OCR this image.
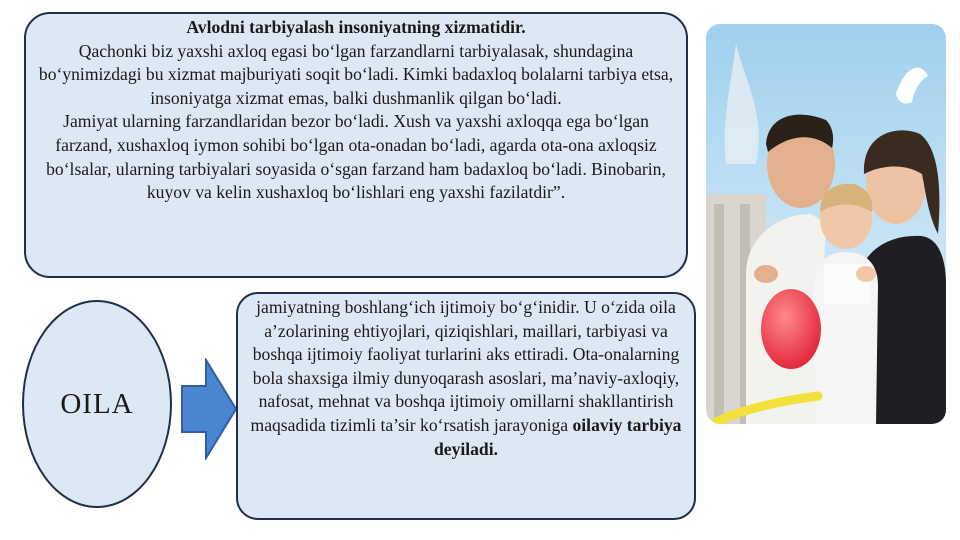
Avlodni tarbiyalash insoniyatning xizmatidir.

Qachonki biz yaxshi axloq egasi bo‘lgan farzandlarni tarbiyalasak, shundagina bo‘ynimizdagi bu xizmat majburiyati soqit bo‘ladi. Kimki badaxloq bolalarni tarbiya etsa, insoniyatga xizmat emas, balki dushmanlik qilgan bo‘ladi.

Jamiyat ularning farzandlaridan bezor bo‘ladi. Xush va yaxshi axloqqa ega bo‘lgan farzand, xushaxloq iymon sohibi bo‘lgan ota-onadan bo‘ladi, agarda ota-ona axloqsiz bo‘lsalar, ularning tarbiyalari soyasida o‘sgan farzand ham badaxloq bo‘ladi. Binobarin, kuyov va kelin xushaxloq bo‘lishlari eng yaxshi fazilatdir”.

OILA
jamiyatning boshlang‘ich ijtimoiy bo‘g‘inidir. U o‘zida oila a’zolarining ehtiyojlari, qiziqishlari, maillari, tarbiyasi va boshqa ijtimoiy faoliyat turlarini aks ettiradi. Ota-onalarning bola shaxsiga ilmiy dunyoqarash asoslari, ma’naviy-axloqiy, nafosat, mehnat va boshqa ijtimoiy omillarni shakllantirish maqsadida tizimli ta’sir ko‘rsatish jarayoniga oilaviy tarbiya deyiladi.
